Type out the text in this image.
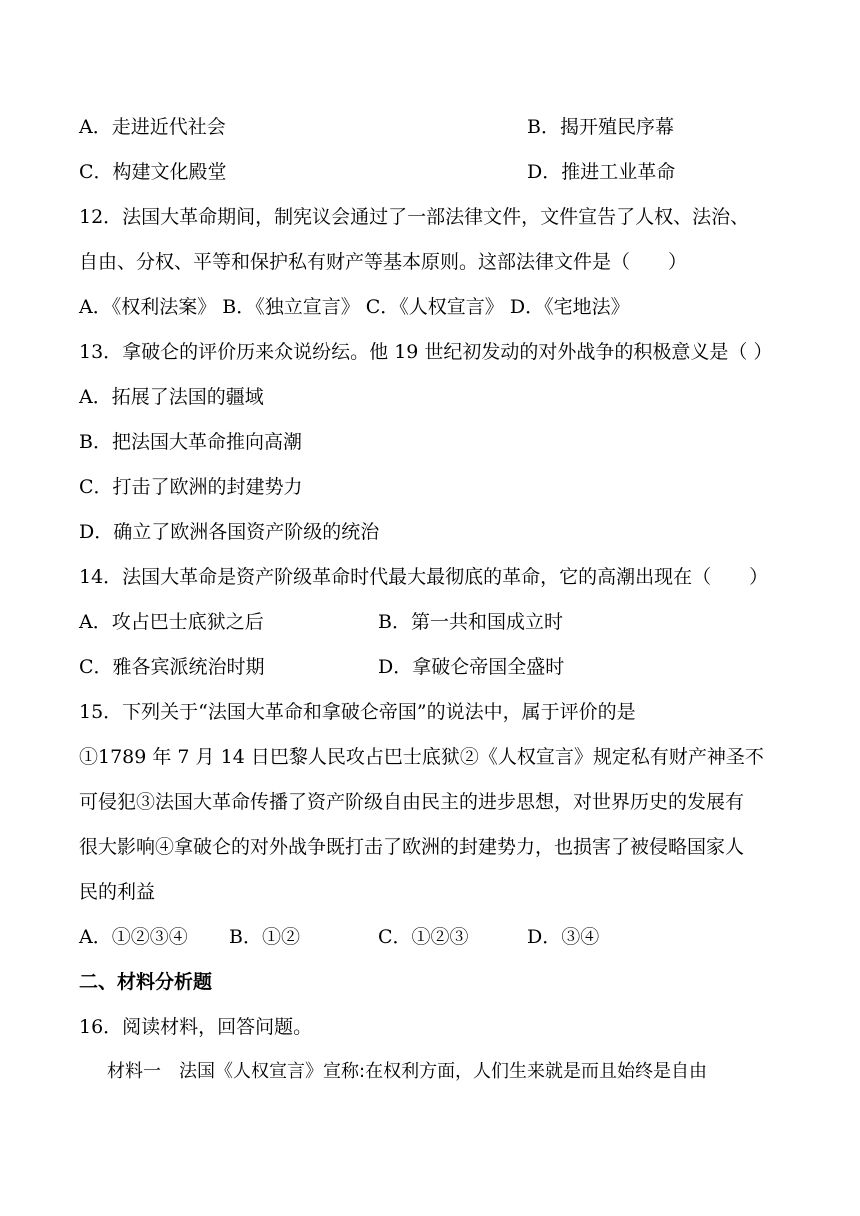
A．走进近代社会	B．揭开殖民序幕
C．构建文化殿堂	D．推进工业革命
12．法国大革命期间，制宪议会通过了一部法律文件，文件宣告了人权、法治、
自由、分权、平等和保护私有财产等基本原则。这部法律文件是（　　）
A．《权利法案》 B．《独立宣言》 C．《人权宣言》 D．《宅地法》
13．拿破仑的评价历来众说纷纭。他 19 世纪初发动的对外战争的积极意义是（ ）
A．拓展了法国的疆域
B．把法国大革命推向高潮
C．打击了欧洲的封建势力
D．确立了欧洲各国资产阶级的统治
14．法国大革命是资产阶级革命时代最大最彻底的革命，它的高潮出现在（　　）
A．攻占巴士底狱之后	B．第一共和国成立时
C．雅各宾派统治时期	D．拿破仑帝国全盛时
15．下列关于“法国大革命和拿破仑帝国”的说法中，属于评价的是
①1789 年 7 月 14 日巴黎人民攻占巴士底狱②《人权宣言》规定私有财产神圣不
可侵犯③法国大革命传播了资产阶级自由民主的进步思想，对世界历史的发展有
很大影响④拿破仑的对外战争既打击了欧洲的封建势力，也损害了被侵略国家人
民的利益
A．①②③④ B．①②	C．①②③	D．③④
二、材料分析题
16．阅读材料，回答问题。
材料一　法国《人权宣言》宣称:在权利方面，人们生来就是而且始终是自由
